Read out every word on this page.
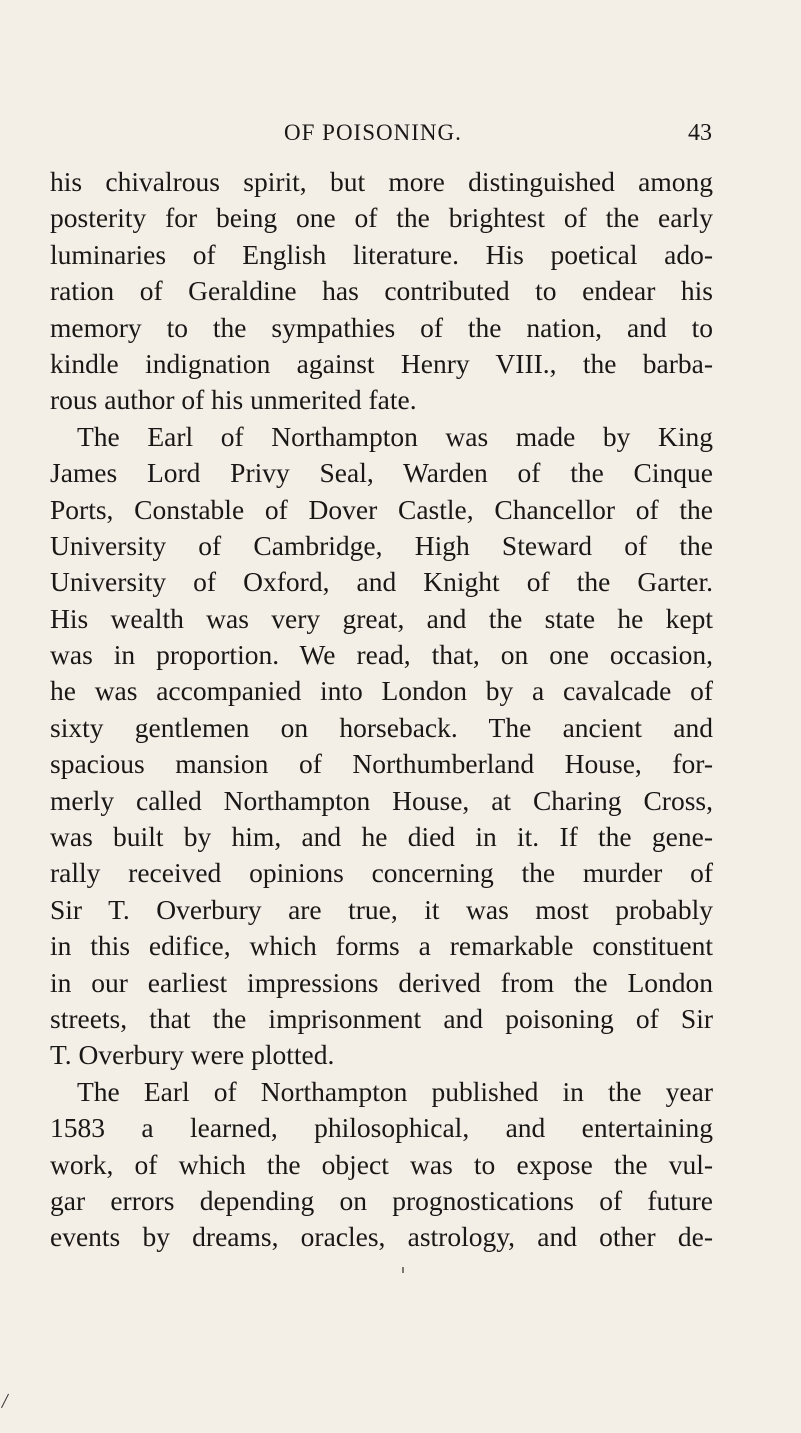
OF POISONING.	43
his chivalrous spirit, but more distinguished among
posterity for being one of the brightest of the early
luminaries of English literature. His poetical ado-
ration of Geraldine has contributed to endear his
memory to the sympathies of the nation, and to
kindle indignation against Henry VIII., the barba-
rous author of his unmerited fate.
The Earl of Northampton was made by King
James Lord Privy Seal, Warden of the Cinque
Ports, Constable of Dover Castle, Chancellor of the
University of Cambridge, High Steward of the
University of Oxford, and Knight of the Garter.
His wealth was very great, and the state he kept
was in proportion. We read, that, on one occasion,
he was accompanied into London by a cavalcade of
sixty gentlemen on horseback. The ancient and
spacious mansion of Northumberland House, for-
merly called Northampton House, at Charing Cross,
was built by him, and he died in it. If the gene-
rally received opinions concerning the murder of
Sir T. Overbury are true, it was most probably
in this edifice, which forms a remarkable constituent
in our earliest impressions derived from the London
streets, that the imprisonment and poisoning of Sir
T. Overbury were plotted.
The Earl of Northampton published in the year
1583 a learned, philosophical, and entertaining
work, of which the object was to expose the vul-
gar errors depending on prognostications of future
events by dreams, oracles, astrology, and other de-
/
